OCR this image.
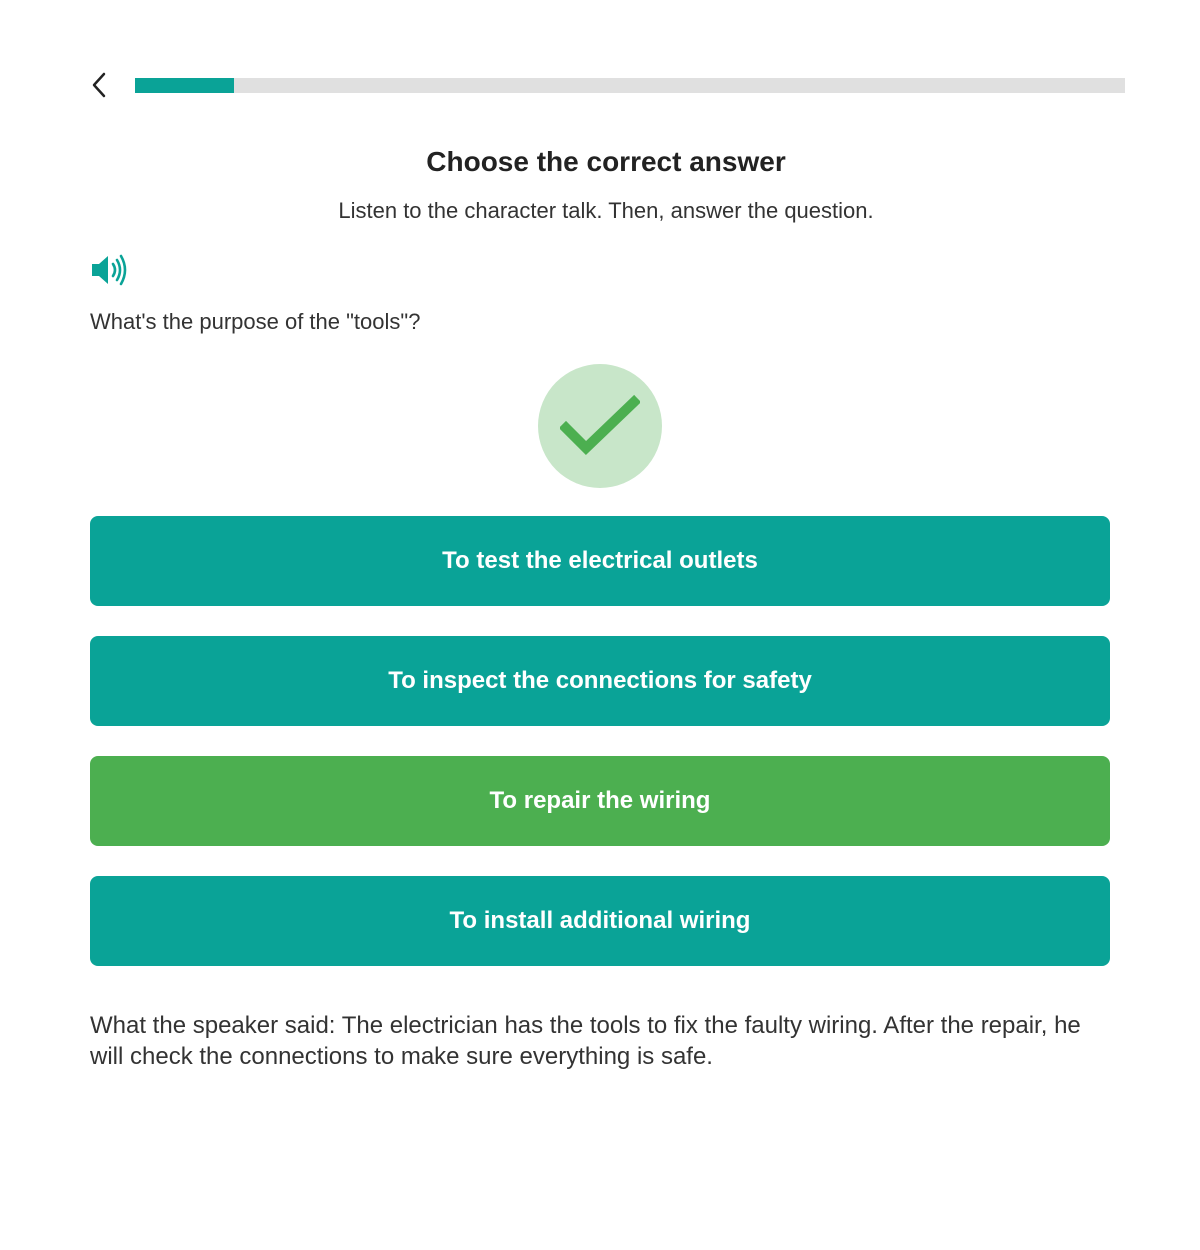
Choose the correct answer
Listen to the character talk. Then, answer the question.
What's the purpose of the "tools"?
To test the electrical outlets
To inspect the connections for safety
To repair the wiring
To install additional wiring
What the speaker said: The electrician has the tools to fix the faulty wiring. After the repair, he will check the connections to make sure everything is safe.
